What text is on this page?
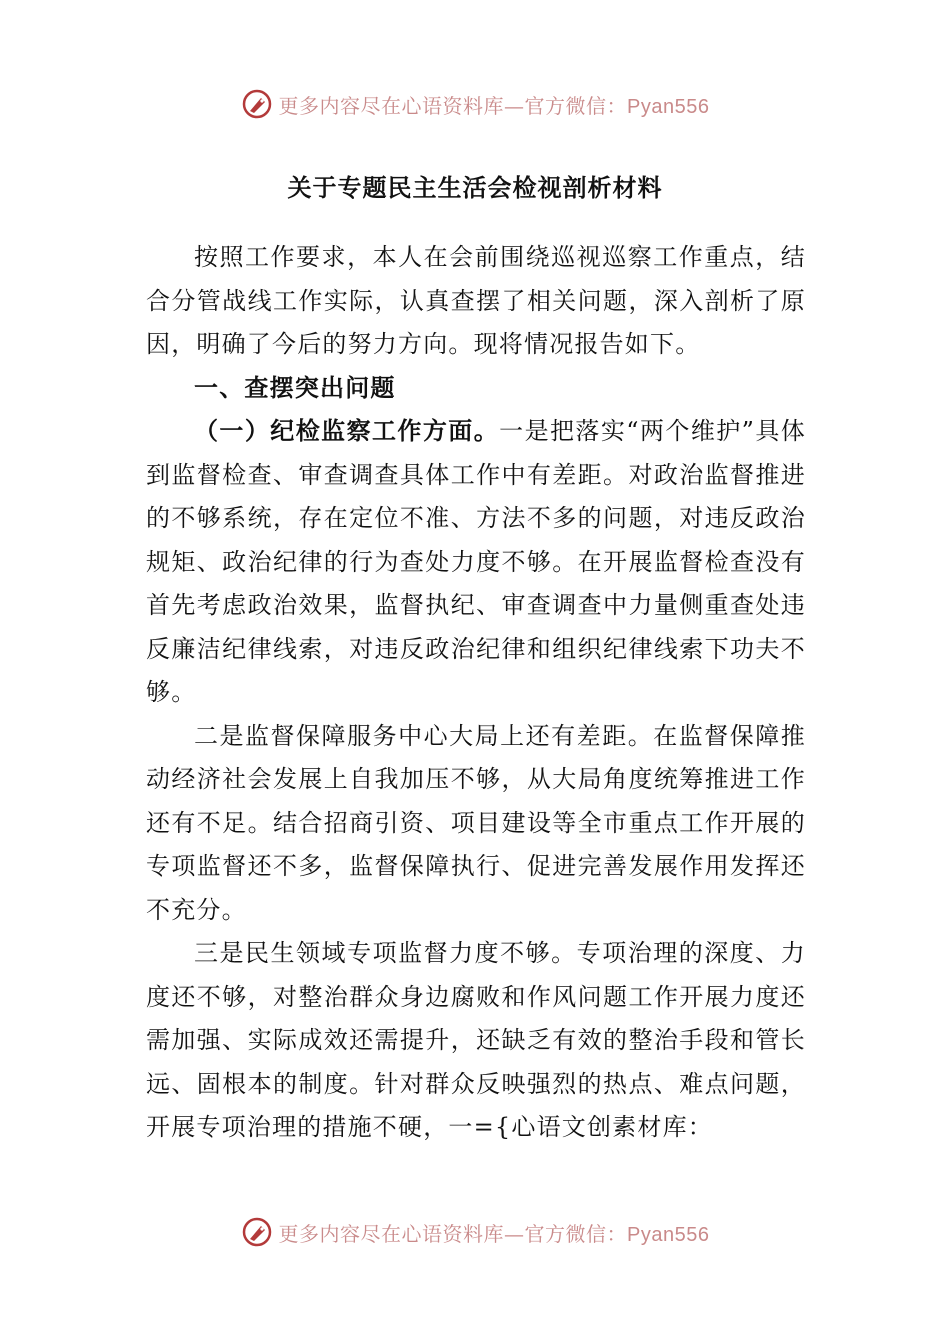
更多内容尽在心语资料库—官方微信：Pyan556
关于专题民主生活会检视剖析材料

按照工作要求，本人在会前围绕巡视巡察工作重点，结合分管战线工作实际，认真查摆了相关问题，深入剖析了原因，明确了今后的努力方向。现将情况报告如下。

一、查摆突出问题

（一）纪检监察工作方面。一是把落实“两个维护”具体到监督检查、审查调查具体工作中有差距。对政治监督推进的不够系统，存在定位不准、方法不多的问题，对违反政治规矩、政治纪律的行为查处力度不够。在开展监督检查没有首先考虑政治效果，监督执纪、审查调查中力量侧重查处违反廉洁纪律线索，对违反政治纪律和组织纪律线索下功夫不够。

二是监督保障服务中心大局上还有差距。在监督保障推动经济社会发展上自我加压不够，从大局角度统筹推进工作还有不足。结合招商引资、项目建设等全市重点工作开展的专项监督还不多，监督保障执行、促进完善发展作用发挥还不充分。

三是民生领域专项监督力度不够。专项治理的深度、力度还不够，对整治群众身边腐败和作风问题工作开展力度还需加强、实际成效还需提升，还缺乏有效的整治手段和管长远、固根本的制度。针对群众反映强烈的热点、难点问题，开展专项治理的措施不硬，一={心语文创素材库：

更多内容尽在心语资料库—官方微信：Pyan556
